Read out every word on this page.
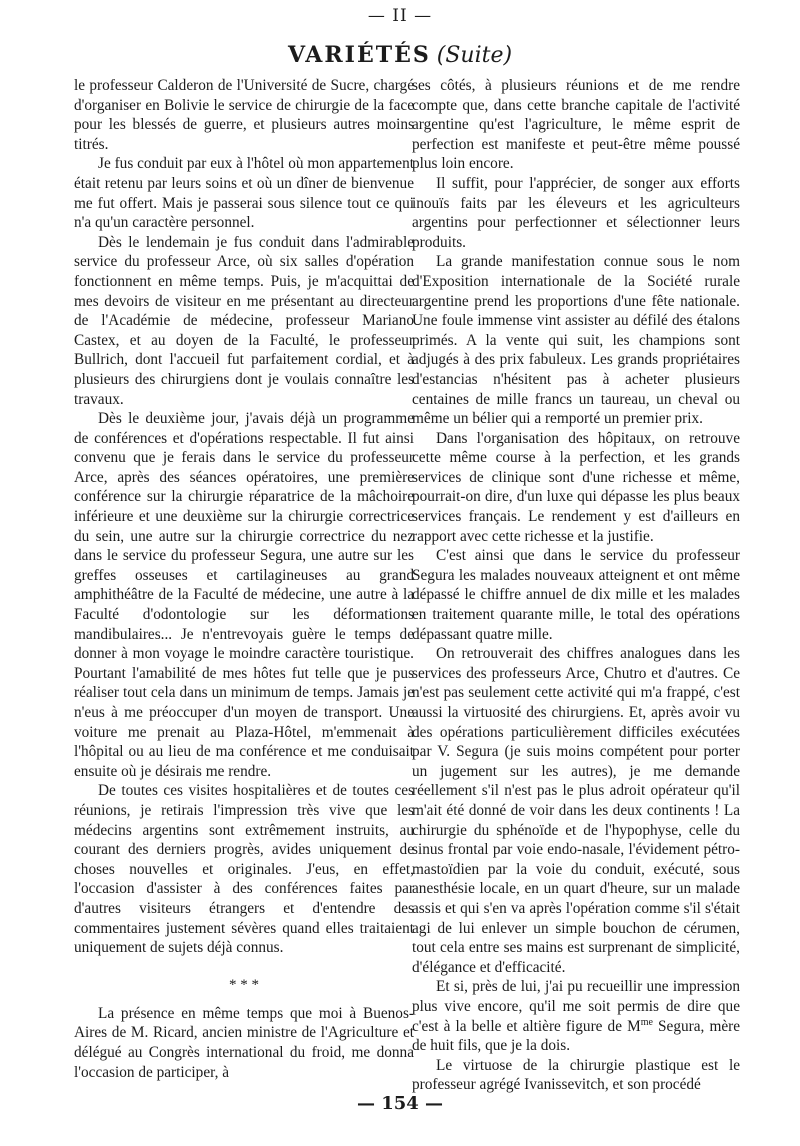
— II —
VARIÉTÉS (Suite)

le professeur Calderon de l'Université de Sucre, chargé d'organiser en Bolivie le service de chirurgie de la face pour les blessés de guerre, et plusieurs autres moins titrés.

Je fus conduit par eux à l'hôtel où mon appartement était retenu par leurs soins et où un dîner de bienvenue me fut offert. Mais je passerai sous silence tout ce qui n'a qu'un caractère personnel.

Dès le lendemain je fus conduit dans l'admirable service du professeur Arce, où six salles d'opération fonctionnent en même temps. Puis, je m'acquittai de mes devoirs de visiteur en me présentant au directeur de l'Académie de médecine, professeur Mariano Castex, et au doyen de la Faculté, le professeur Bullrich, dont l'accueil fut parfaitement cordial, et à plusieurs des chirurgiens dont je voulais connaître les travaux.

Dès le deuxième jour, j'avais déjà un programme de conférences et d'opérations respectable. Il fut ainsi convenu que je ferais dans le service du professeur Arce, après des séances opératoires, une première conférence sur la chirurgie réparatrice de la mâchoire inférieure et une deuxième sur la chirurgie correctrice du sein, une autre sur la chirurgie correctrice du nez dans le service du professeur Segura, une autre sur les greffes osseuses et cartilagineuses au grand amphithéâtre de la Faculté de médecine, une autre à la Faculté d'odontologie sur les déformations mandibulaires... Je n'entrevoyais guère le temps de donner à mon voyage le moindre caractère touristique. Pourtant l'amabilité de mes hôtes fut telle que je pus réaliser tout cela dans un minimum de temps. Jamais je n'eus à me préoccuper d'un moyen de transport. Une voiture me prenait au Plaza-Hôtel, m'emmenait à l'hôpital ou au lieu de ma conférence et me conduisait ensuite où je désirais me rendre.

De toutes ces visites hospitalières et de toutes ces réunions, je retirais l'impression très vive que les médecins argentins sont extrêmement instruits, au courant des derniers progrès, avides uniquement de choses nouvelles et originales. J'eus, en effet, l'occasion d'assister à des conférences faites par d'autres visiteurs étrangers et d'entendre des commentaires justement sévères quand elles traitaient uniquement de sujets déjà connus.

* * *

La présence en même temps que moi à Buenos-Aires de M. Ricard, ancien ministre de l'Agriculture et délégué au Congrès international du froid, me donna l'occasion de participer, à

ses côtés, à plusieurs réunions et de me rendre compte que, dans cette branche capitale de l'activité argentine qu'est l'agriculture, le même esprit de perfection est manifeste et peut-être même poussé plus loin encore.

Il suffit, pour l'apprécier, de songer aux efforts inouïs faits par les éleveurs et les agriculteurs argentins pour perfectionner et sélectionner leurs produits.

La grande manifestation connue sous le nom d'Exposition internationale de la Société rurale argentine prend les proportions d'une fête nationale. Une foule immense vint assister au défilé des étalons primés. A la vente qui suit, les champions sont adjugés à des prix fabuleux. Les grands propriétaires d'estancias n'hésitent pas à acheter plusieurs centaines de mille francs un taureau, un cheval ou même un bélier qui a remporté un premier prix.

Dans l'organisation des hôpitaux, on retrouve cette même course à la perfection, et les grands services de clinique sont d'une richesse et même, pourrait-on dire, d'un luxe qui dépasse les plus beaux services français. Le rendement y est d'ailleurs en rapport avec cette richesse et la justifie.

C'est ainsi que dans le service du professeur Segura les malades nouveaux atteignent et ont même dépassé le chiffre annuel de dix mille et les malades en traitement quarante mille, le total des opérations dépassant quatre mille.

On retrouverait des chiffres analogues dans les services des professeurs Arce, Chutro et d'autres. Ce n'est pas seulement cette activité qui m'a frappé, c'est aussi la virtuosité des chirurgiens. Et, après avoir vu des opérations particulièrement difficiles exécutées par V. Segura (je suis moins compétent pour porter un jugement sur les autres), je me demande réellement s'il n'est pas le plus adroit opérateur qu'il m'ait été donné de voir dans les deux continents ! La chirurgie du sphénoïde et de l'hypophyse, celle du sinus frontal par voie endo-nasale, l'évidement pétro-mastoïdien par la voie du conduit, exécuté, sous anesthésie locale, en un quart d'heure, sur un malade assis et qui s'en va après l'opération comme s'il s'était agi de lui enlever un simple bouchon de cérumen, tout cela entre ses mains est surprenant de simplicité, d'élégance et d'efficacité.

Et si, près de lui, j'ai pu recueillir une impression plus vive encore, qu'il me soit permis de dire que c'est à la belle et altière figure de $M^{me}$ Segura, mère de huit fils, que je la dois.

Le virtuose de la chirurgie plastique est le professeur agrégé Ivanissevitch, et son procédé

— 154 —
